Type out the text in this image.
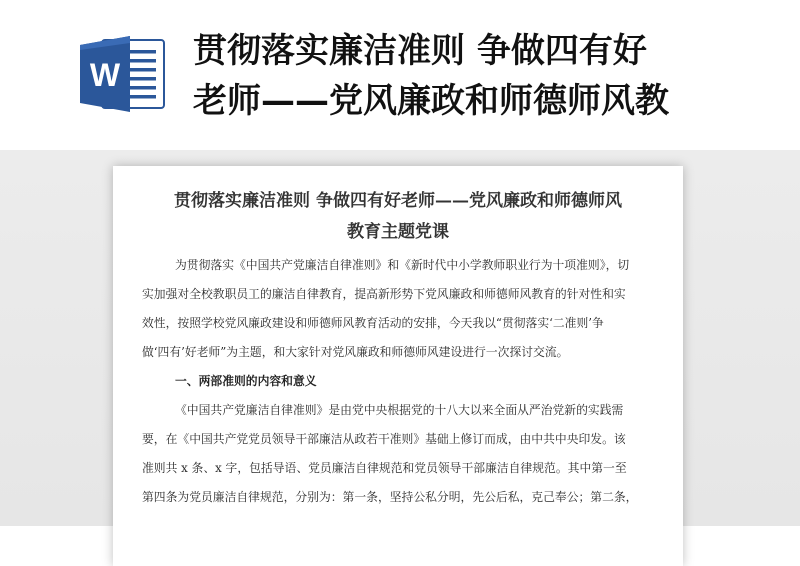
W
贯彻落实廉洁准则 争做四有好
老师——党风廉政和师德师风教
贯彻落实廉洁准则 争做四有好老师——党风廉政和师德师风
教育主题党课
为贯彻落实《中国共产党廉洁自律准则》和《新时代中小学教师职业行为十项准则》，切
实加强对全校教职员工的廉洁自律教育，提高新形势下党风廉政和师德师风教育的针对性和实
效性，按照学校党风廉政建设和师德师风教育活动的安排，今天我以“贯彻落实‘二准则’争
做‘四有’好老师”为主题，和大家针对党风廉政和师德师风建设进行一次探讨交流。
一、两部准则的内容和意义
《中国共产党廉洁自律准则》是由党中央根据党的十八大以来全面从严治党新的实践需
要，在《中国共产党党员领导干部廉洁从政若干准则》基础上修订而成，由中共中央印发。该
准则共 x 条、x 字，包括导语、党员廉洁自律规范和党员领导干部廉洁自律规范。其中第一至
第四条为党员廉洁自律规范，分别为：第一条，坚持公私分明，先公后私，克己奉公；第二条，
